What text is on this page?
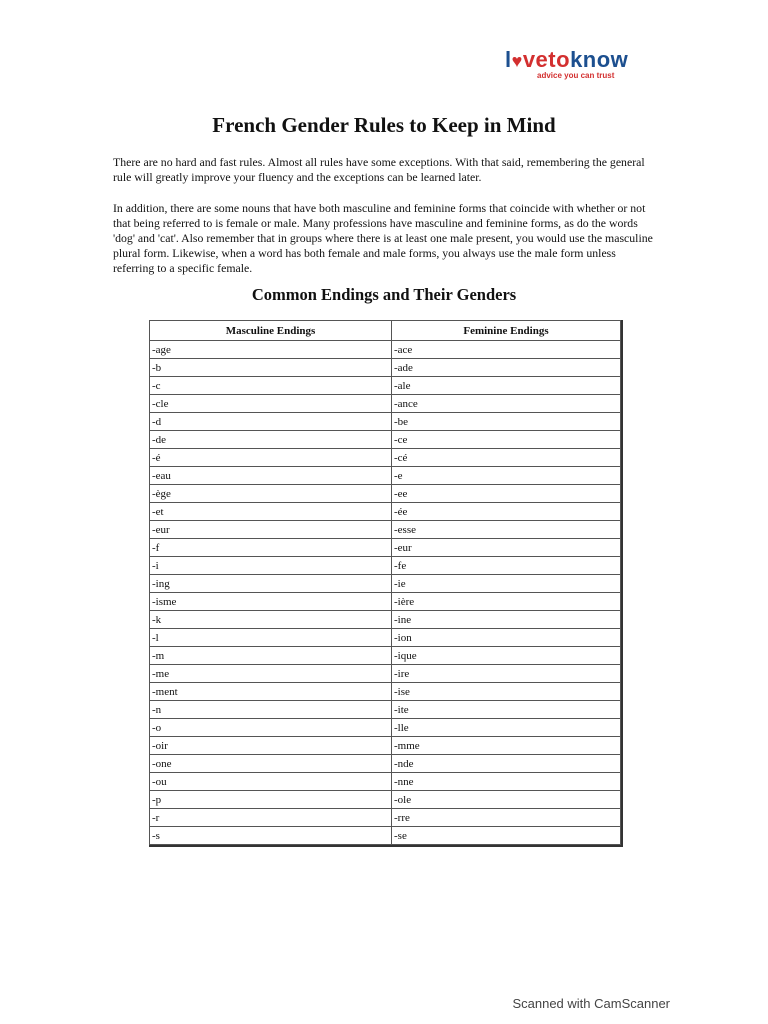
l♥vetoknow
advice you can trust
French Gender Rules to Keep in Mind

There are no hard and fast rules. Almost all rules have some exceptions. With that said, remembering the general rule will greatly improve your fluency and the exceptions can be learned later.

In addition, there are some nouns that have both masculine and feminine forms that coincide with whether or not that being referred to is female or male. Many professions have masculine and feminine forms, as do the words 'dog' and 'cat'. Also remember that in groups where there is at least one male present, you would use the masculine plural form. Likewise, when a word has both female and male forms, you always use the male form unless referring to a specific female.

Common Endings and Their Genders
Masculine Endings	Feminine Endings
-age	-ace
-b	-ade
-c	-ale
-cle	-ance
-d	-be
-de	-ce
-é	-cé
-eau	-e
-ège	-ee
-et	-ée
-eur	-esse
-f	-eur
-i	-fe
-ing	-ie
-isme	-ière
-k	-ine
-l	-ion
-m	-ique
-me	-ire
-ment	-ise
-n	-ite
-o	-lle
-oir	-mme
-one	-nde
-ou	-nne
-p	-ole
-r	-rre
-s	-se
Scanned with CamScanner
